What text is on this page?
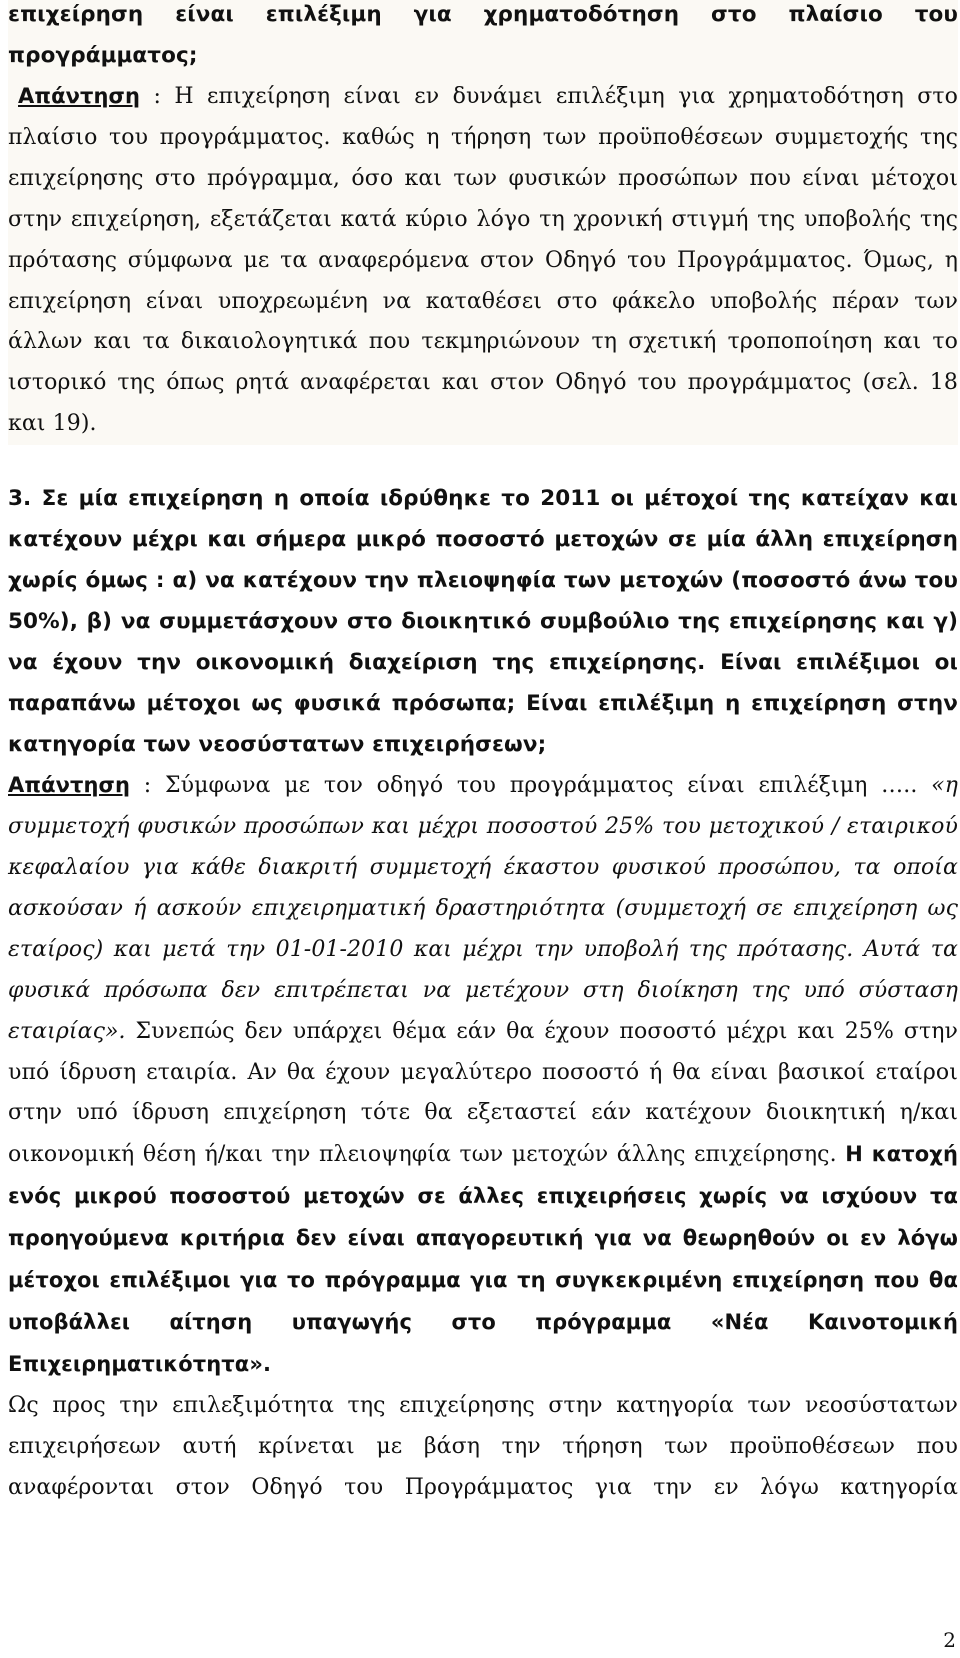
επιχείρηση είναι επιλέξιμη για χρηματοδότηση στο πλαίσιο του προγράμματος;

Απάντηση : Η επιχείρηση είναι εν δυνάμει επιλέξιμη για χρηματοδότηση στο πλαίσιο του προγράμματος. καθώς η τήρηση των προϋποθέσεων συμμετοχής της επιχείρησης στο πρόγραμμα, όσο και των φυσικών προσώπων που είναι μέτοχοι στην επιχείρηση, εξετάζεται κατά κύριο λόγο τη χρονική στιγμή της υποβολής της πρότασης σύμφωνα με τα αναφερόμενα στον Οδηγό του Προγράμματος. Όμως, η επιχείρηση είναι υποχρεωμένη να καταθέσει στο φάκελο υποβολής πέραν των άλλων και τα δικαιολογητικά που τεκμηριώνουν τη σχετική τροποποίηση και το ιστορικό της όπως ρητά αναφέρεται και στον Οδηγό του προγράμματος (σελ. 18 και 19).

3. Σε μία επιχείρηση η οποία ιδρύθηκε το 2011 οι μέτοχοί της κατείχαν και κατέχουν μέχρι και σήμερα μικρό ποσοστό μετοχών σε μία άλλη επιχείρηση χωρίς όμως : α) να κατέχουν την πλειοψηφία των μετοχών (ποσοστό άνω του 50%), β) να συμμετάσχουν στο διοικητικό συμβούλιο της επιχείρησης και γ) να έχουν την οικονομική διαχείριση της επιχείρησης. Είναι επιλέξιμοι οι παραπάνω μέτοχοι ως φυσικά πρόσωπα; Είναι επιλέξιμη η επιχείρηση στην κατηγορία των νεοσύστατων επιχειρήσεων;

Απάντηση : Σύμφωνα με τον οδηγό του προγράμματος είναι επιλέξιμη ….. «η συμμετοχή φυσικών προσώπων και μέχρι ποσοστού 25% του μετοχικού / εταιρικού κεφαλαίου για κάθε διακριτή συμμετοχή έκαστου φυσικού προσώπου, τα οποία ασκούσαν ή ασκούν επιχειρηματική δραστηριότητα (συμμετοχή σε επιχείρηση ως εταίρος) και μετά την 01-01-2010 και μέχρι την υποβολή της πρότασης. Αυτά τα φυσικά πρόσωπα δεν επιτρέπεται να μετέχουν στη διοίκηση της υπό σύσταση εταιρίας». Συνεπώς δεν υπάρχει θέμα εάν θα έχουν ποσοστό μέχρι και 25% στην υπό ίδρυση εταιρία. Αν θα έχουν μεγαλύτερο ποσοστό ή θα είναι βασικοί εταίροι στην υπό ίδρυση επιχείρηση τότε θα εξεταστεί εάν κατέχουν διοικητική η/και οικονομική θέση ή/και την πλειοψηφία των μετοχών άλλης επιχείρησης. Η κατοχή ενός μικρού ποσοστού μετοχών σε άλλες επιχειρήσεις χωρίς να ισχύουν τα προηγούμενα κριτήρια δεν είναι απαγορευτική για να θεωρηθούν οι εν λόγω μέτοχοι επιλέξιμοι για το πρόγραμμα για τη συγκεκριμένη επιχείρηση που θα υποβάλλει αίτηση υπαγωγής στο πρόγραμμα «Νέα Καινοτομική Επιχειρηματικότητα».

Ως προς την επιλεξιμότητα της επιχείρησης στην κατηγορία των νεοσύστατων επιχειρήσεων αυτή κρίνεται με βάση την τήρηση των προϋποθέσεων που αναφέρονται στον Οδηγό του Προγράμματος για την εν λόγω κατηγορία

2
